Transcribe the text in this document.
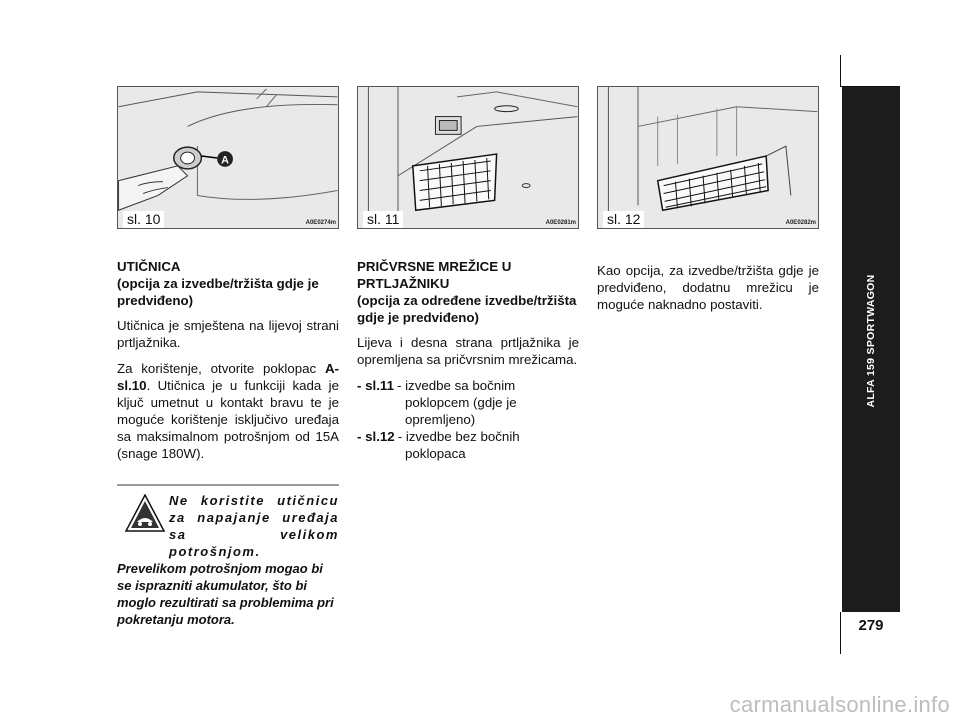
A
sl. 10	A0E0274m sl. 11	A0E0281m sl. 12	A0E0282m
UTIČNICA
(opcija za izvedbe/tržišta gdje je predviđeno)

Utičnica je smještena na lijevoj strani prtljažnika.

Za korištenje, otvorite poklopac A-sl.10. Utičnica je u funkciji kada je ključ umetnut u kontakt bravu te je moguće korištenje isključivo uređaja sa maksimalnom potrošnjom od 15A (snage 180W).

Ne koristite utičnicu za napajanje uređaja sa velikom potrošnjom.
Prevelikom potrošnjom mogao bi se isprazniti akumulator, što bi moglo rezultirati sa problemima pri pokretanju motora.
PRIČVRSNE MREŽICE U PRTLJAŽNIKU
(opcija za određene izvedbe/tržišta gdje je predviđeno)

Lijeva i desna strana prtljažnika je opremljena sa pričvrsnim mrežicama.

- sl.11 - izvedbe sa bočnim
poklopcem (gdje je
opremljeno)
- sl.12 - izvedbe bez bočnih
poklopaca

Kao opcija, za izvedbe/tržišta gdje je predviđeno, dodatnu mrežicu je moguće naknadno postaviti.	ALFA 159 SPORTWAGON
279
carmanualsonline.info
